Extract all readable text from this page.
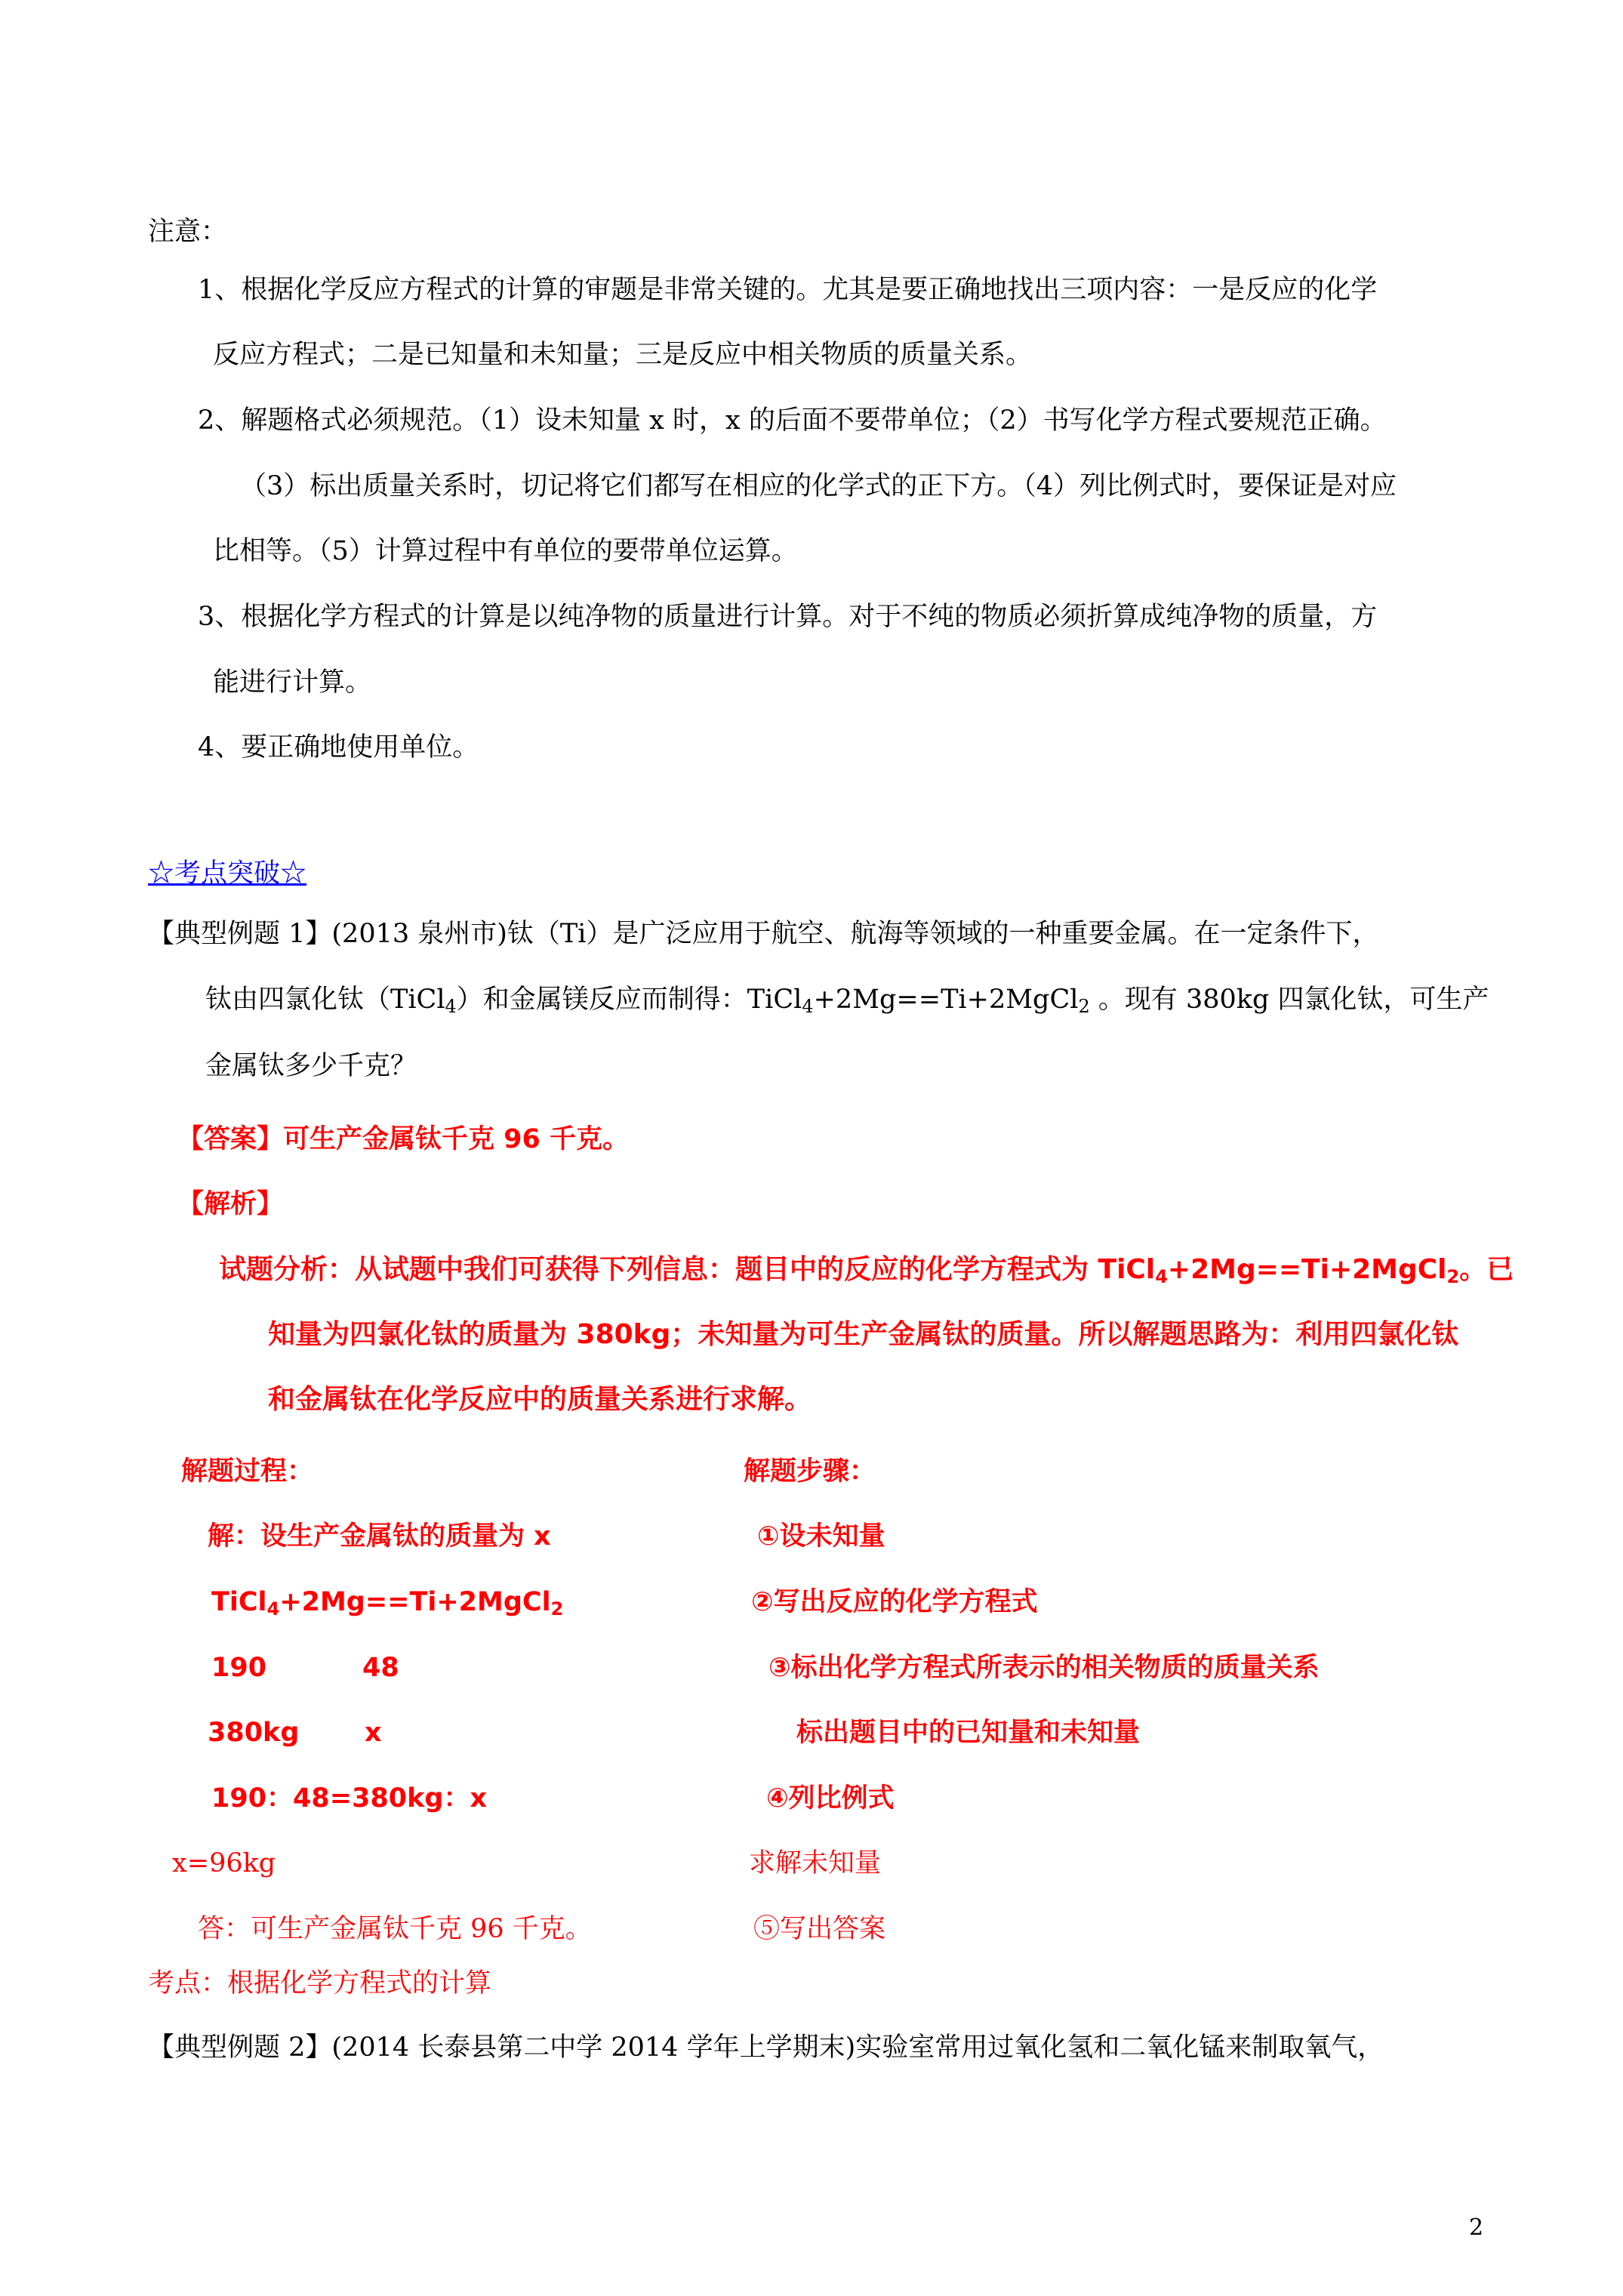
注意：
1、根据化学反应方程式的计算的审题是非常关键的。尤其是要正确地找出三项内容：一是反应的化学
反应方程式；二是已知量和未知量；三是反应中相关物质的质量关系。
2、解题格式必须规范。（1）设未知量 x 时，x 的后面不要带单位；（2）书写化学方程式要规范正确。
（3）标出质量关系时，切记将它们都写在相应的化学式的正下方。（4）列比例式时，要保证是对应
比相等。（5）计算过程中有单位的要带单位运算。
3、根据化学方程式的计算是以纯净物的质量进行计算。对于不纯的物质必须折算成纯净物的质量，方
能进行计算。
4、要正确地使用单位。
☆考点突破☆
【典型例题 1】(2013 泉州市)钛（Ti）是广泛应用于航空、航海等领域的一种重要金属。在一定条件下，
钛由四氯化钛（TiCl$_4$）和金属镁反应而制得：TiCl$_4$+2Mg==Ti+2MgCl$_2$ 。现有 380kg 四氯化钛，可生产
金属钛多少千克？
【答案】可生产金属钛千克 96 千克。
【解析】
试题分析：从试题中我们可获得下列信息：题目中的反应的化学方程式为 TiCl$_4$+2Mg==Ti+2MgCl$_2$。已
知量为四氯化钛的质量为 380kg；未知量为可生产金属钛的质量。所以解题思路为：利用四氯化钛
和金属钛在化学反应中的质量关系进行求解。
解题过程：
解：设生产金属钛的质量为 x
TiCl$_4$+2Mg==Ti+2MgCl$_2$
190	48
380kg x
190：48=380kg：x
x=96kg
答：可生产金属钛千克 96 千克。
解题步骤：
①设未知量
②写出反应的化学方程式
③标出化学方程式所表示的相关物质的质量关系
标出题目中的已知量和未知量
④列比例式
求解未知量
⑤写出答案
考点：根据化学方程式的计算
【典型例题 2】(2014 长泰县第二中学 2014 学年上学期末)实验室常用过氧化氢和二氧化锰来制取氧气，
2
